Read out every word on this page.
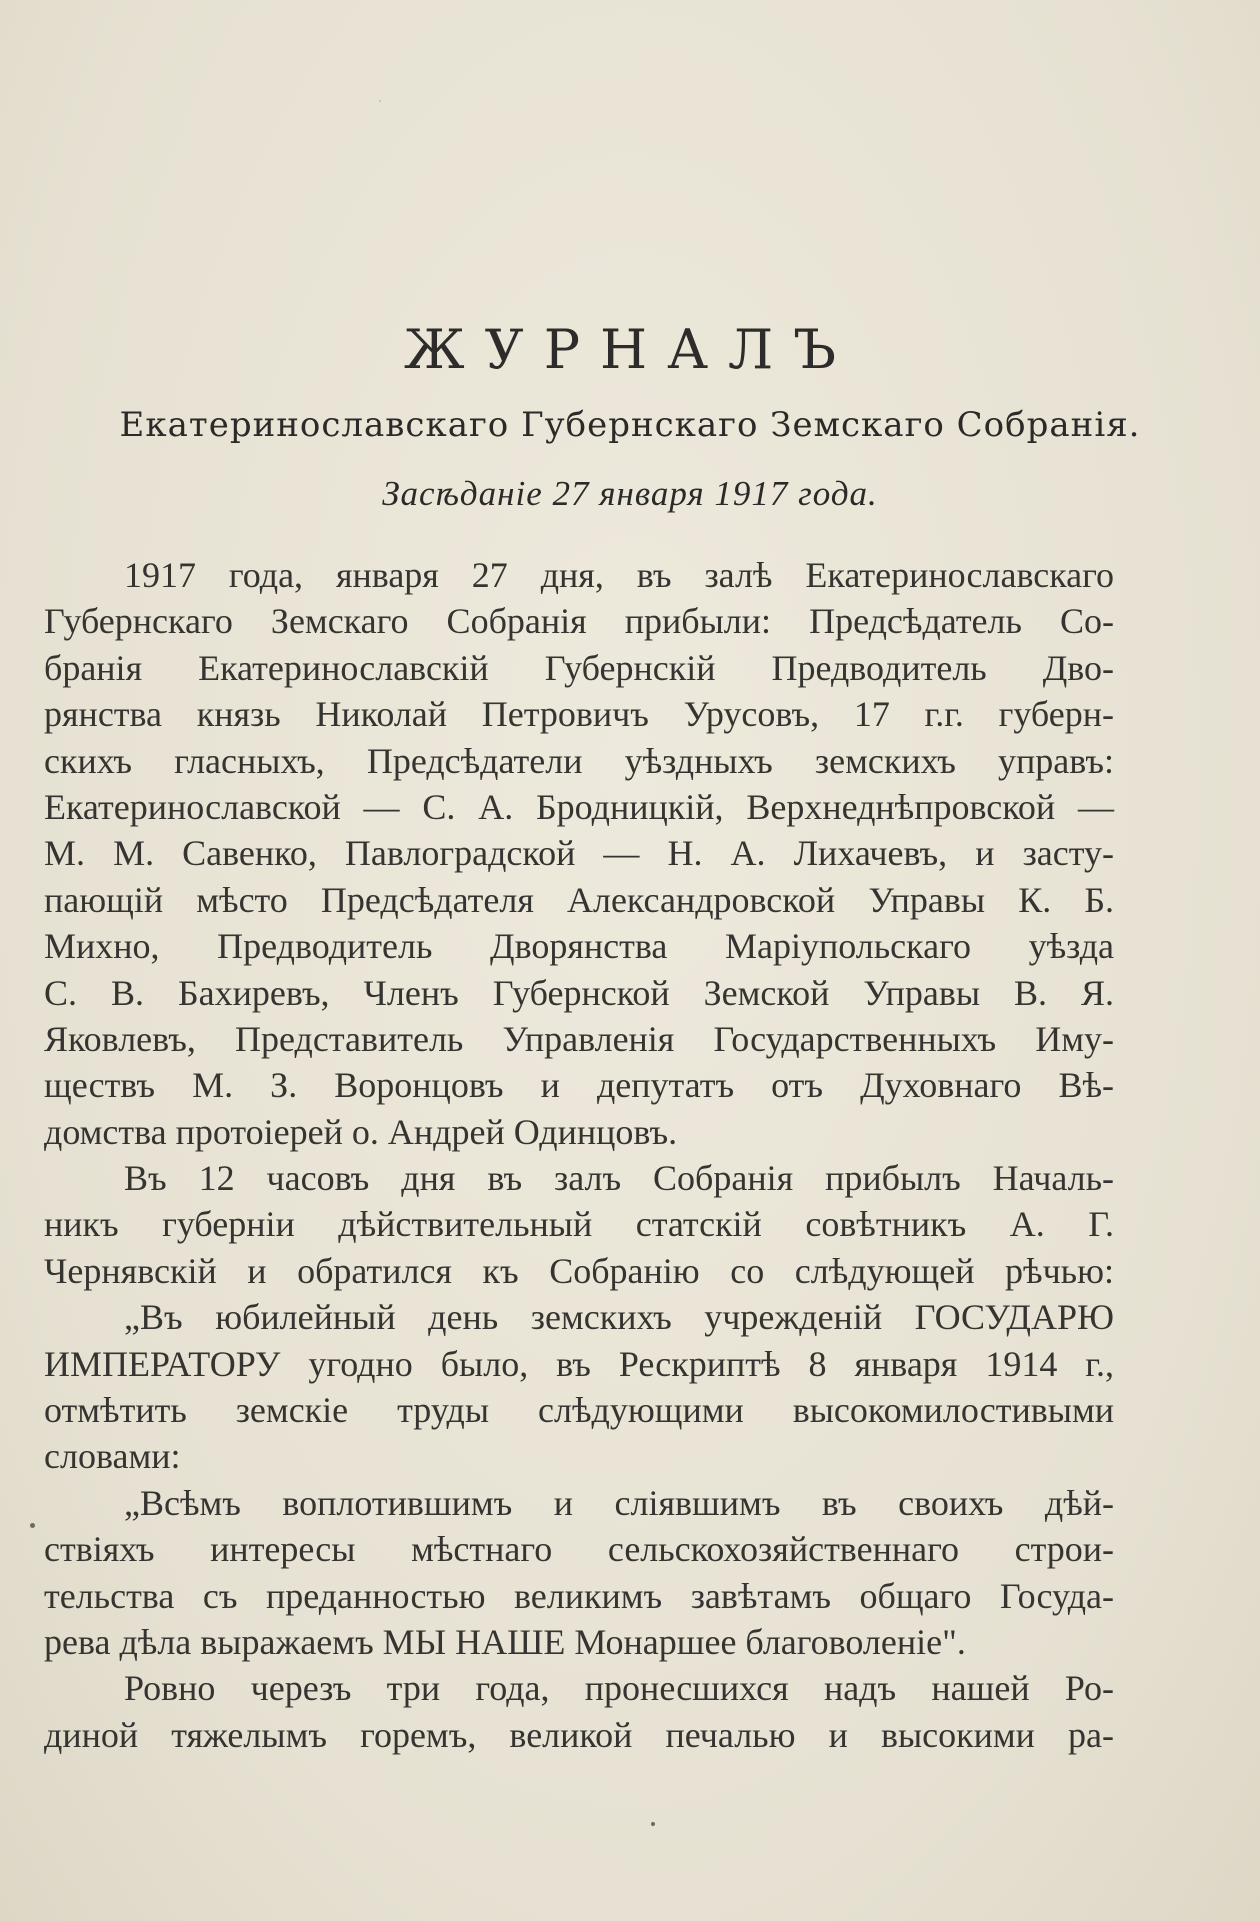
·
ЖУРНАЛЪ
Екатеринославскаго Губернскаго Земскаго Собранія.
Засѣданіе 27 января 1917 года.
1917 года, января 27 дня, въ залѣ Екатеринославскаго
Губернскаго Земскаго Собранія прибыли: Предсѣдатель Со-
бранія Екатеринославскій Губернскій Предводитель Дво-
рянства князь Николай Петровичъ Урусовъ, 17 г.г. губерн-
скихъ гласныхъ, Предсѣдатели уѣздныхъ земскихъ управъ:
Екатеринославской — С. А. Бродницкій, Верхнеднѣпровской —
М. М. Савенко, Павлоградской — Н. А. Лихачевъ, и засту-
пающій мѣсто Предсѣдателя Александровской Управы К. Б.
Михно, Предводитель Дворянства Маріупольскаго уѣзда
С. В. Бахиревъ, Членъ Губернской Земской Управы В. Я.
Яковлевъ, Представитель Управленія Государственныхъ Иму-
ществъ М. З. Воронцовъ и депутатъ отъ Духовнаго Вѣ-
домства протоіерей о. Андрей Одинцовъ.
Въ 12 часовъ дня въ залъ Собранія прибылъ Началь-
никъ губерніи дѣйствительный статскій совѣтникъ А. Г.
Чернявскій и обратился къ Собранію со слѣдующей рѣчью:
„Въ юбилейный день земскихъ учрежденій ГОСУДАРЮ
ИМПЕРАТОРУ угодно было, въ Рескриптѣ 8 января 1914 г.,
отмѣтить земскіе труды слѣдующими высокомилостивыми
словами:
„Всѣмъ воплотившимъ и сліявшимъ въ своихъ дѣй-
ствіяхъ интересы мѣстнаго сельскохозяйственнаго строи-
тельства съ преданностью великимъ завѣтамъ общаго Госуда-
рева дѣла выражаемъ МЫ НАШЕ Монаршее благоволеніе".
Ровно черезъ три года, пронесшихся надъ нашей Ро-
диной тяжелымъ горемъ, великой печалью и высокими ра-
